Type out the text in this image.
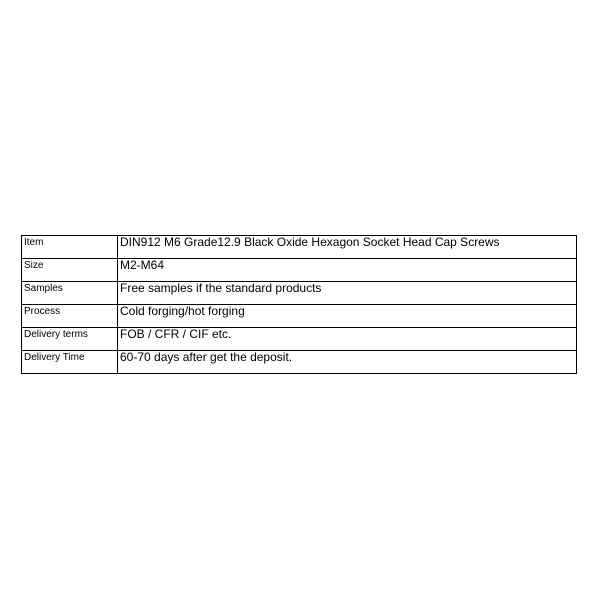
Item	DIN912 M6 Grade12.9 Black Oxide Hexagon Socket Head Cap Screws
Size	M2-M64
Samples	Free samples if the standard products
Process	Cold forging/hot forging
Delivery terms	FOB / CFR / CIF etc.
Delivery Time	60-70 days after get the deposit.
